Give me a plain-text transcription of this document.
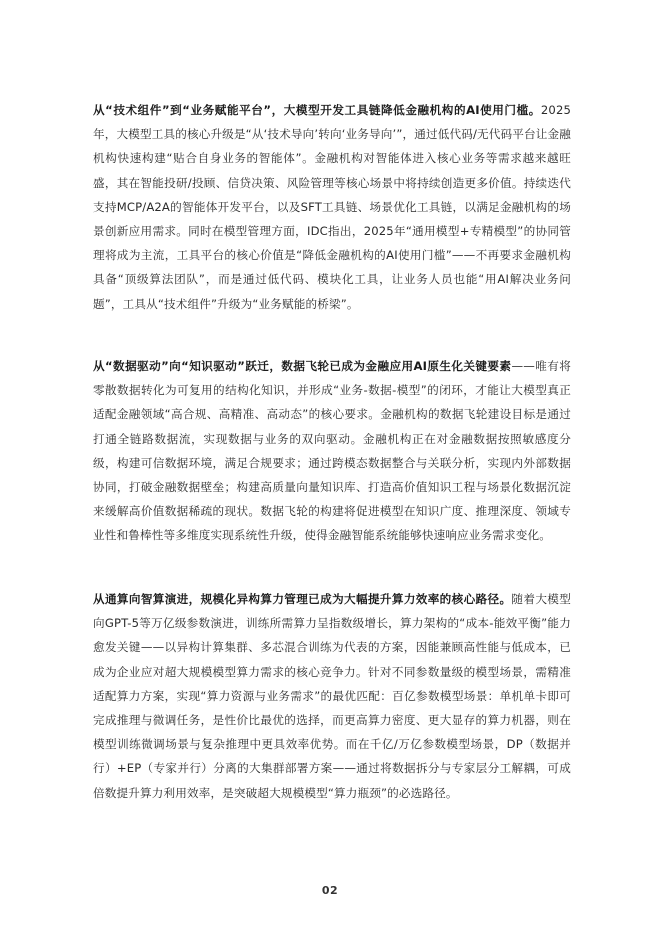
从“技术组件”到“业务赋能平台”，大模型开发工具链降低金融机构的AI使用门槛。2025年，大模型工具的核心升级是“从‘技术导向’转向‘业务导向’”，通过低代码/无代码平台让金融机构快速构建“贴合自身业务的智能体”。金融机构对智能体进入核心业务等需求越来越旺盛，其在智能投研/投顾、信贷决策、风险管理等核心场景中将持续创造更多价值。持续迭代支持MCP/A2A的智能体开发平台，以及SFT工具链、场景优化工具链，以满足金融机构的场景创新应用需求。同时在模型管理方面，IDC指出，2025年“通用模型+专精模型”的协同管理将成为主流，工具平台的核心价值是“降低金融机构的AI使用门槛”——不再要求金融机构具备“顶级算法团队”，而是通过低代码、模块化工具，让业务人员也能“用AI解决业务问题”，工具从“技术组件”升级为“业务赋能的桥梁”。

从“数据驱动”向“知识驱动”跃迁，数据飞轮已成为金融应用AI原生化关键要素——唯有将零散数据转化为可复用的结构化知识，并形成“业务-数据-模型”的闭环，才能让大模型真正适配金融领域“高合规、高精准、高动态”的核心要求。金融机构的数据飞轮建设目标是通过打通全链路数据流，实现数据与业务的双向驱动。金融机构正在对金融数据按照敏感度分级，构建可信数据环境，满足合规要求；通过跨模态数据整合与关联分析，实现内外部数据协同，打破金融数据壁垒；构建高质量向量知识库、打造高价值知识工程与场景化数据沉淀来缓解高价值数据稀疏的现状。数据飞轮的构建将促进模型在知识广度、推理深度、领域专业性和鲁棒性等多维度实现系统性升级，使得金融智能系统能够快速响应业务需求变化。

从通算向智算演进，规模化异构算力管理已成为大幅提升算力效率的核心路径。随着大模型向GPT-5等万亿级参数演进，训练所需算力呈指数级增长，算力架构的“成本-能效平衡”能力愈发关键——以异构计算集群、多芯混合训练为代表的方案，因能兼顾高性能与低成本，已成为企业应对超大规模模型算力需求的核心竞争力。针对不同参数量级的模型场景，需精准适配算力方案，实现“算力资源与业务需求”的最优匹配：百亿参数模型场景：单机单卡即可完成推理与微调任务，是性价比最优的选择，而更高算力密度、更大显存的算力机器，则在模型训练微调场景与复杂推理中更具效率优势。而在千亿/万亿参数模型场景，DP（数据并行）+EP（专家并行）分离的大集群部署方案——通过将数据拆分与专家层分工解耦，可成倍数提升算力利用效率，是突破超大规模模型“算力瓶颈”的必选路径。

02
